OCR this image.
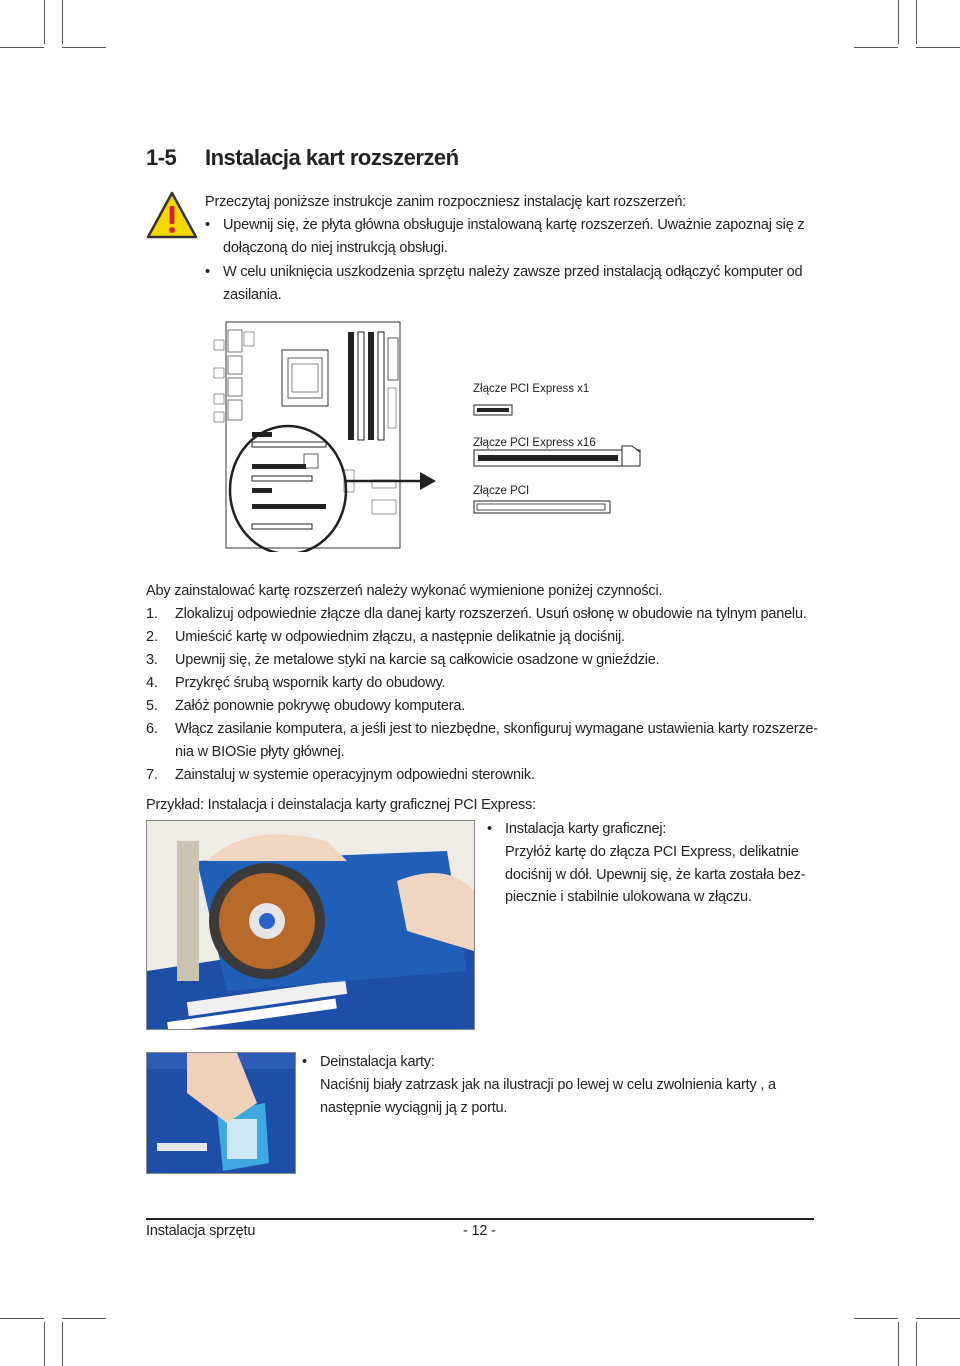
1-5 Instalacja kart rozszerzeń
Przeczytaj poniższe instrukcje zanim rozpoczniesz instalację kart rozszerzeń:
• Upewnij się, że płyta główna obsługuje instalowaną kartę rozszerzeń. Uważnie zapoznaj się z
dołączoną do niej instrukcją obsługi.
• W celu uniknięcia uszkodzenia sprzętu należy zawsze przed instalacją odłączyć komputer od
zasilania.
Złącze PCI Express x1
Złącze PCI Express x16
Złącze PCI
Aby zainstalować kartę rozszerzeń należy wykonać wymienione poniżej czynności.
1. Zlokalizuj odpowiednie złącze dla danej karty rozszerzeń. Usuń osłonę w obudowie na tylnym panelu.
2. Umieścić kartę w odpowiednim złączu, a następnie delikatnie ją dociśnij.
3. Upewnij się, że metalowe styki na karcie są całkowicie osadzone w gnieździe.
4. Przykręć śrubą wspornik karty do obudowy.
5. Załóż ponownie pokrywę obudowy komputera.
6. Włącz zasilanie komputera, a jeśli jest to niezbędne, skonfiguruj wymagane ustawienia karty rozszerze-
nia w BIOSie płyty głównej.
7. Zainstaluj w systemie operacyjnym odpowiedni sterownik.
Przykład: Instalacja i deinstalacja karty graficznej PCI Express:
• Instalacja karty graficznej:
Przyłóż kartę do złącza PCI Express, delikatnie
dociśnij w dół. Upewnij się, że karta została bez-
piecznie i stabilnie ulokowana w złączu.
• Deinstalacja karty:
Naciśnij biały zatrzask jak na ilustracji po lewej w celu zwolnienia karty , a
następnie wyciągnij ją z portu.
Instalacja sprzętu	- 12 -
